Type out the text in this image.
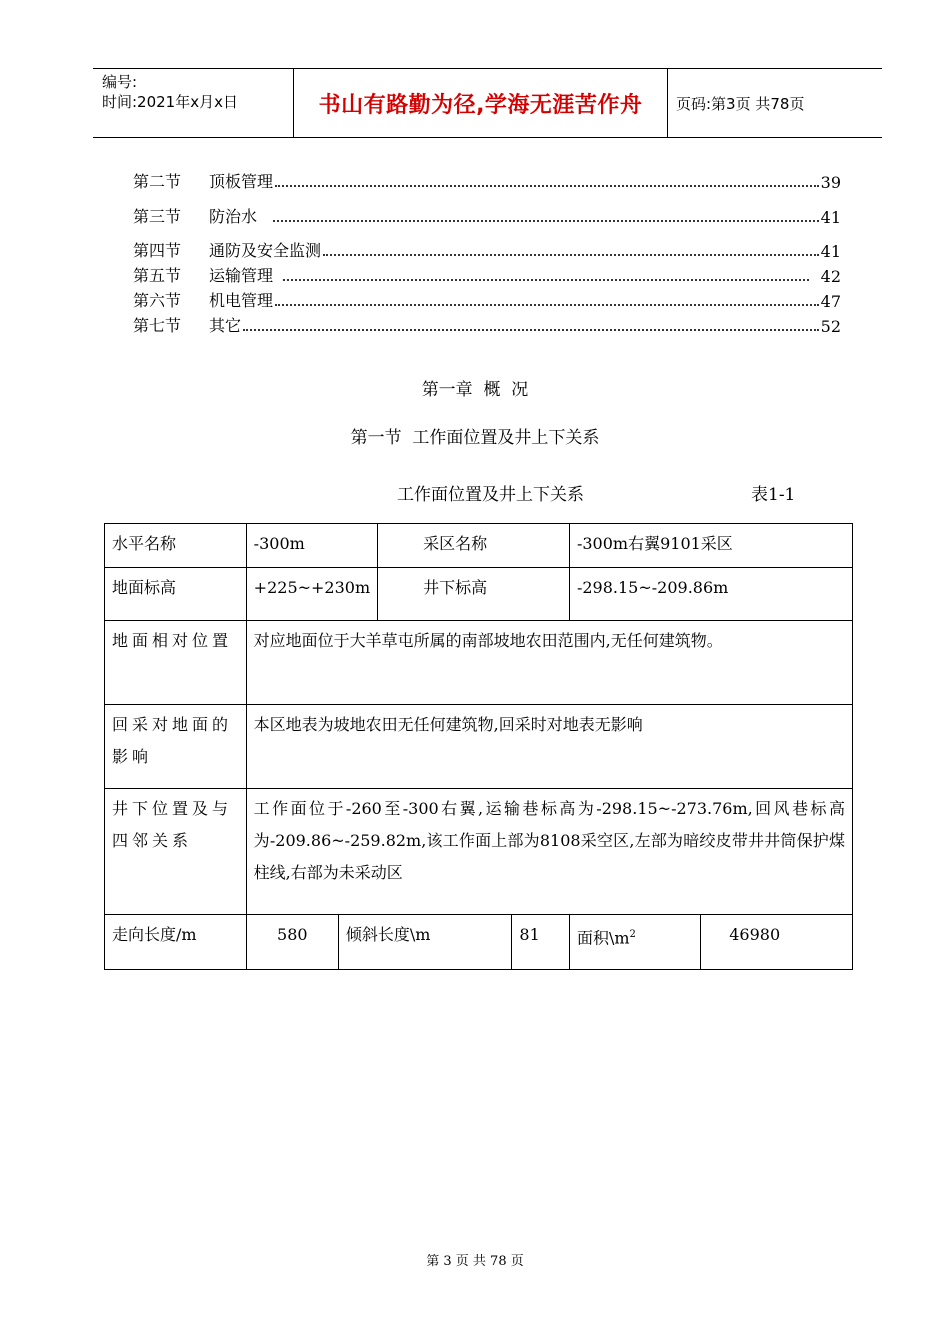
编号:
时间:2021年x月x日	书山有路勤为径,学海无涯苦作舟	页码:第3页 共78页
第二节	顶板管理	39
第三节	防治水	41
第四节	通防及安全监测	41
第五节	运输管理	42
第六节	机电管理	47
第七节	其它	52
第一章  概  况
第一节  工作面位置及井上下关系
工作面位置及井上下关系	表1-1
水平名称	-300m		采区名称		-300m右翼9101采区	
地面标高	+225~+230m		井下标高		-298.15~-209.86m	
地面相对位置	对应地面位于大羊草屯所属的南部坡地农田范围内,无任何建筑物。					
回采对地面的影响	本区地表为坡地农田无任何建筑物,回采时对地表无影响					
井下位置及与四邻关系	工作面位于-260至-300右翼,运输巷标高为-298.15~-273.76m,回风巷标高为-209.86~-259.82m,该工作面上部为8108采空区,左部为暗绞皮带井井筒保护煤柱线,右部为未采动区					
走向长度/m	580	倾斜长度\m		81	面积$\backslash m^2$	46980
第 3 页 共 78 页
